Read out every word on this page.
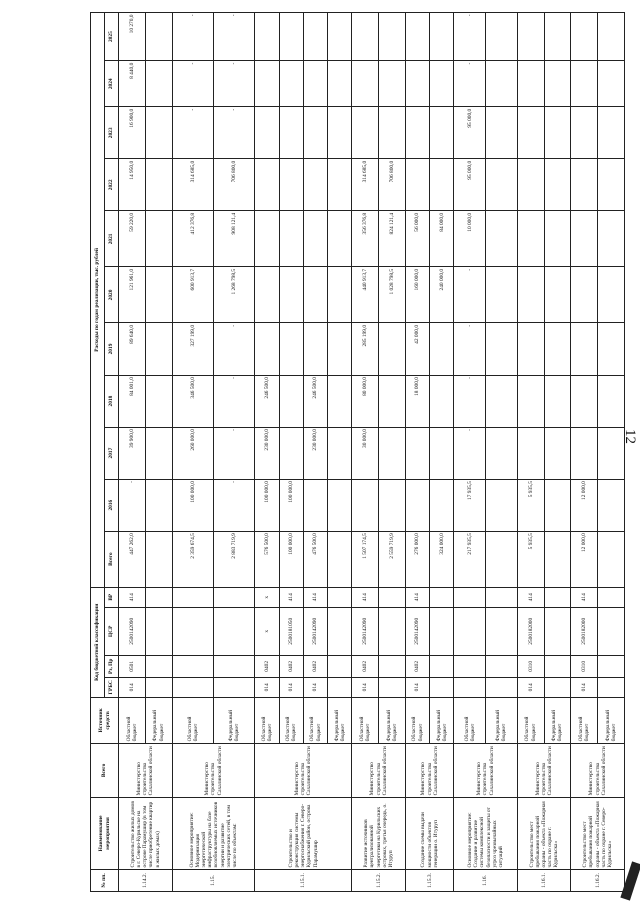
12
№ пп.	Наименование мероприятия	Всего	Источник средств	Код бюджетной классификации				Расходы по годам реализации, тыс. рублей										
				ГРБС	Рз, Пр	ЦСР	ВР	Всего	2016	2017	2018	2019	2020	2021	2022	2023	2024	2025
1.14.2.	Строительство жилых домов в г. Северо-Курильске на острове Парамушир (в том числе приобретение квартир в жилых домах)	Министерство строительства Сахалинской области	Областной бюджет	014	0501	2500142090	414	447 262,0	-	39 900,0	84 001,0	89 640,0	121 961,0	59 220,0	14 950,0	16 900,0	8 440,0	10 270,0
			Федеральный бюджет															
1.15.	Основное мероприятие: Модернизация энергетической инфраструктуры на базе возобновляемых источников энергии и развитие электрических сетей, в том числе по объектам:	Министерство строительства Сахалинской области	Областной бюджет					2 359 674,5	100 000,0	260 000,0	346 500,0	327 199,0	600 913,7	412 376,8	314 685,0	-	-	-
			Федеральный бюджет					2 883 719,9	-	-	-	-	1 268 798,5	908 121,4	706 800,0	-	-	-
1.15.1.	Строительство и реконструкция системы энергоснабжения г. Северо-Курильский район, острова Парамушир	Министерство строительства Сахалинской области	Областной бюджет	014	0402	х	х	576 500,0	100 000,0	230 000,0	246 500,0							
			Областной бюджет	014	0402	2500181050	414	100 000,0	100 000,0									
			Областной бюджет	014	0402	2500142090	414	476 500,0		230 000,0	246 500,0							
			Федеральный бюджет															
1.15.2.	Развитие источников централизованной энергетики на Курильских островах, третья очередь, о. Итуруп	Министерство строительства Сахалинской области	Областной бюджет	014	0402	2500142090	414	1 507 174,5		30 000,0	80 000,0	285 199,0	440 913,7	356 376,8	314 685,0			
			Федеральный бюджет					2 559 719,9					1 028 798,5	824 121,4	706 800,0			
1.15.3.	Создание схемы выдачи мощности объектов генерации о. Итуруп	Министерство строительства Сахалинской области	Областной бюджет	014	0402	2500142090	414	276 000,0			18 000,0	42 000,0	160 000,0	56 000,0				
			Федеральный бюджет					324 000,0					240 000,0	84 000,0				
1.16.	Основное мероприятие: Создание и развитие системы комплексной безопасности и защиты от угроз чрезвычайных ситуаций	Министерство строительства Сахалинской области	Областной бюджет					217 935,5	17 935,5	-	-	-	-	10 000,0	95 000,0	95 000,0	-	-
			Федеральный бюджет															
1.16.1.	Строительство мест пребывания пожарной охраны - объекта «Пожарная часть по охране г. Курильска»	Министерство строительства Сахалинской области	Областной бюджет	014	0310	2500182000	414	5 935,5	5 935,5									
			Федеральный бюджет															
1.16.2.	Строительство мест пребывания пожарной охраны - объекта «Пожарная часть по охране г. Северо-Курильска»	Министерство строительства Сахалинской области	Областной бюджет	014	0310	2500182000	414	12 000,0	12 000,0									
			Федеральный бюджет															
